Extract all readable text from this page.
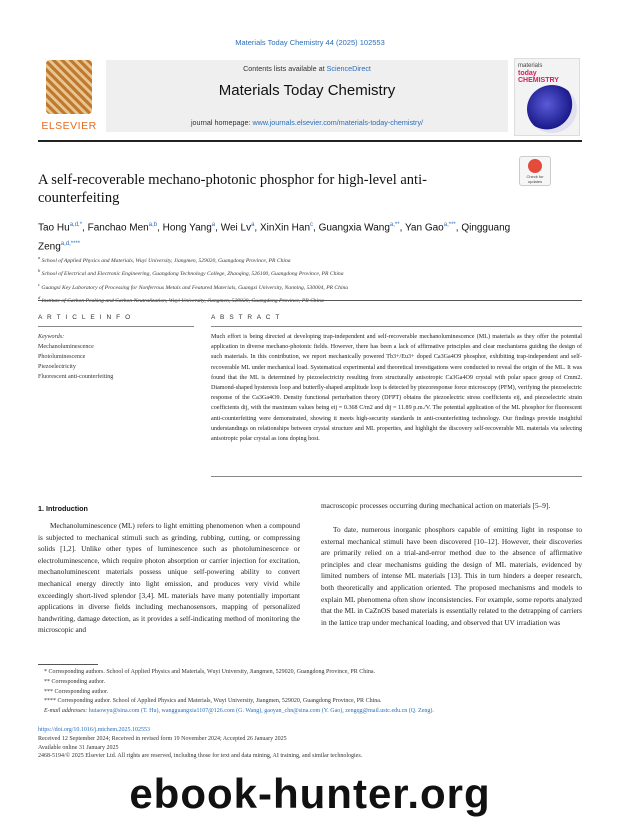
Materials Today Chemistry 44 (2025) 102553
ELSEVIER
Contents lists available at ScienceDirect
Materials Today Chemistry
journal homepage: www.journals.elsevier.com/materials-today-chemistry/
materials
today CHEMISTRY
A self-recoverable mechano-photonic phosphor for high-level anti-counterfeiting
Check for updates
Tao $Hu^{a,d,*}$, Fanchao Men$^{a,b}$, Hong Yang$^a$, Wei Lv$^a$, XinXin Han$^c$, Guangxia Wang$^{a,**}$, Yan Gao$^{a,***}$, Qingguang Zeng$^{a,d,****}$
$^a$ School of Applied Physics and Materials, Wuyi University, Jiangmen, 529020, Guangdong Province, PR China
$^b$ School of Electrical and Electronic Engineering, Guangdong Technology College, Zhaoqing, 526100, Guangdong Province, PR China
$^c$ Guangxi Key Laboratory of Processing for Nonferrous Metals and Featured Materials, Guangxi University, Nanning, 530004, PR China
$^d$
A R T I C L E I N F O	A B S T R A C T
Keywords:
Mechanoluminescence
Photoluminescence
Piezoelectricity
Fluorescent anti-counterfeiting
Much effort is being directed at developing trap-independent and self-recoverable mechanoluminescence (ML) materials as they offer the potential application in diverse mechano-photonic fields. However, there has been a lack of affirmative principles and clear mechanisms guiding the design of such materials. In this contribution, we report mechanically powered Tb3+/Eu3+ doped Ca3Ga4O9 phosphor, exhibiting trap-independent and self-recoverable ML under mechanical load. Systematical experimental and theoretical investigations were conducted to reveal the origin of the ML. It was found that the ML is determined by piezoelectricity resulting from structurally anisotropic Ca3Ga4O9 crystal with polar space group of Cmm2. Diamond-shaped hysteresis loop and butterfly-shaped amplitude loop is detected by piezoresponse force microscopy (PFM), verifying the piezoelectric response of the Ca3Ga4O9. Density functional perturbation theory (DFPT) obtains the piezoelectric stress coefficients eij, and piezoelectric strain coefficients dij, with the maximum values being eij = 0.368 C/m2 and dij = 11.89 p.m./V. The potential application of the ML phosphor for fluorescent anti-counterfeiting were demonstrated, showing it meets high-security standards in anti-counterfeiting technology. Our findings provide insightful understandings on relationships between crystal structure and ML properties, and highlight the discovery self-recoverable ML materials via selecting anisotropic polar crystal as ions doping host.
1. Introduction
Mechanoluminescence (ML) refers to light emitting phenomenon when a compound is subjected to mechanical stimuli such as grinding, rubbing, cutting, or compressing solids [1,2]. Unlike other types of luminescence such as photoluminescence or electroluminescence, which require photon absorption or carrier injection for excitation, mechanoluminescent materials possess unique self-powering ability to convert mechanical energy directly into light emission, and produces very vivid while exceedingly short-lived splendor [3,4]. ML materials have many potentially important applications in diverse fields including mechanosensors, mapping of personalized handwriting, damage detection, as it provides a self-indicating method of monitoring the microscopic and
macroscopic processes occurring during mechanical action on materials [5–9].
To date, numerous inorganic phosphors capable of emitting light in response to external mechanical stimuli have been discovered [10–12]. However, their discoveries are primarily relied on a trial-and-error method due to the absence of affirmative principles and clear mechanisms guiding the design of ML materials, evidenced by limited numbers of intense ML materials [13]. This in turn hinders a deeper research, both theoretically and application oriented. The proposed mechanisms and models to explain ML phenomena often show inconsistencies. For example, some reports analyzed that the ML in CaZnOS based materials is essentially related to the detrapping of carriers in the lattice trap under mechanical loading, and observed that UV irradiation was
* Corresponding authors. School of Applied Physics and Materials, Wuyi University, Jiangmen, 529020, Guangdong Province, PR China.
** Corresponding author.
*** Corresponding author.
**** Corresponding author. School of Applied Physics and Materials, Wuyi University, Jiangmen, 529020, Guangdong Province, PR China.
E-mail addresses: hutaowyu@sina.com (T. Hu), wangguangxia1107@126.com (G. Wang), gaoyan_chn@sina.com (Y. Gao), zengqg@mail.ustc.edu.cn (Q. Zeng).
https://doi.org/10.1016/j.mtchem.2025.102553
Received 12 September 2024; Received in revised form 19 November 2024; Accepted 26 January 2025
Available online 31 January 2025
2468-5194/© 2025 Elsevier Ltd. All rights are reserved, including those for text and data mining, AI training, and similar technologies.
ebook-hunter.org
